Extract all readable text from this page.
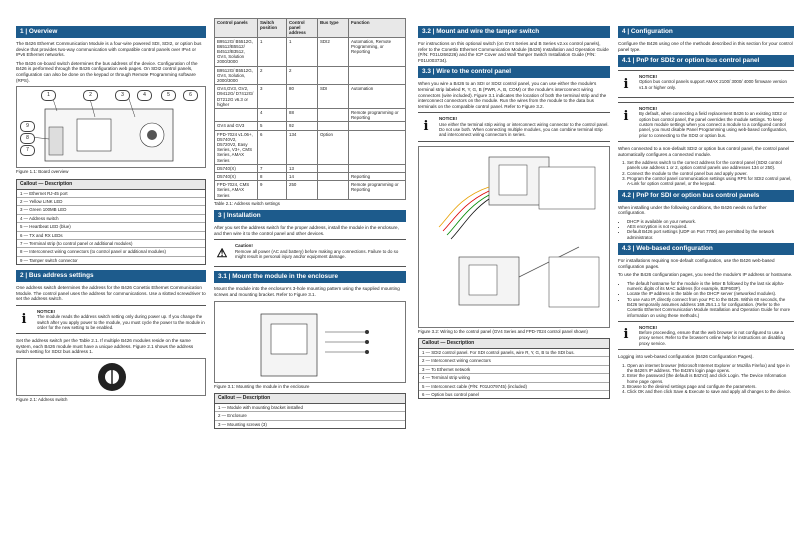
1 | Overview

The B426 Ethernet Communication Module is a four-wire powered SDI, SDI2, or option bus device that provides two-way communication with compatible control panels over IPv4 or IPv6 Ethernet networks.

The B426 on-board switch determines the bus address of the device. Configuration of the B426 is performed through the B426 configuration web pages. On SDI2 control panels, configuration can also be done on the keypad or through Remote Programming software (RPS).

1	2	3	4	5	6
7
8
9
Figure 1.1: Board overview
Callout — Description
1 — Ethernet RJ-45 port
2 — Yellow LINK LED
3 — Green 100MB LED
4 — Address switch
5 — Heartbeat LED (blue)
6 — TX and RX LEDs
7 — Terminal strip (to control panel or additional modules)
8 — Interconnect wiring connectors (to control panel or additional modules)
9 — Tamper switch connector
2 | Bus address settings

One address switch determines the address for the B426 Conettix Ethernet Communication Module. The control panel uses the address for communications. Use a slotted screwdriver to set the address switch.

i	NOTICE!
The module reads the address switch setting only during power up. If you change the switch after you apply power to the module, you must cycle the power to the module in order for the new setting to be enabled.

Set the address switch per the Table 2.1. If multiple B426 modules reside on the same system, each B426 module must have a unique address. Figure 2.1 shows the address switch setting for SDI2 bus address 1.

Figure 2.1: Address switch
Control panels	Switch position	Control panel address	Bus type	Function
B9512G/ B5512G, B6512/B5512/ B4512/B3512, GV4, Solution 2000/3000	1	1	SDI2	Automation, Remote Programming, or Reporting
B9512G/ B5512G, GV4, Solution, 2000/3000	2	2		
GV4,GV3, GV2, D9412G/ D7412G/ D7212G v6.3 or higher	3	80	SDI	Automation
	4	88		Remote programming or Reporting
GV4 and GV3	5	92		
FPD-7024 v1.06+, D5740V2, D5720V2, Easy Series, V3+, CMS Series, AMAX Series	6	134	Option	
D5740(X)	7	13		
D5740(X)	8	14		Reporting
FPD-7024, CMS Series, AMAX Series	9	250		Remote programming or Reporting
Table 2.1: Address switch settings
3 | Installation

After you set the address switch for the proper address, install the module in the enclosure, and then wire it to the control panel and other devices.

⚠
Caution!
Remove all power (AC and battery) before making any connections. Failure to do so might result in personal injury and/or equipment damage.
3.1 | Mount the module in the enclosure

Mount the module into the enclosure's 3-hole mounting pattern using the supplied mounting screws and mounting bracket. Refer to Figure 3.1.

Figure 3.1: Mounting the module in the enclosure
Callout — Description
1 — Module with mounting bracket installed
2 — Enclosure
3 — Mounting screws (3)
3.2 | Mount and wire the tamper switch

For instructions on this optional switch (on GV4 Series and B Series v2.xx control panels), refer to the Conettix Ethernet Communication Module (B426) Installation and Operation Guide (P/N: F01U266226) and the ICP Cover and Wall Tamper Switch Installation Guide (P/N: F01U003734).

3.3 | Wire to the control panel

When you wire a B426 to an SDI or SDI2 control panel, you can use either the module's terminal strip labeled R, Y, G, B (PWR, A, B, COM) or the module's interconnect wiring connectors (wire included). Figure 3.1 indicates the location of both the terminal strip and the interconnect connectors on the module. Run the wires from the module to the data bus terminals on the compatible control panel. Refer to Figure 3.2.

i	NOTICE!
Use either the terminal strip wiring or interconnect wiring connector to the control panel. Do not use both. When connecting multiple modules, you can combine terminal strip and interconnect wiring connectors in series.
Figure 3.2: Wiring to the control panel (GV4 Series and FPD-7024 control panel shown)
Callout — Description
1 — SDI2 control panel. For SDI control panels, wire R, Y, G, B to the SDI bus.
2 — Interconnect wiring connectors
3 — To Ethernet network
4 — Terminal strip wiring
5 — Interconnect cable (P/N: F01U079745) (included)
6 — Option bus control panel
4 | Configuration

Configure the B426 using one of the methods described in this section for your control panel type.

4.1 | PnP for SDI2 or option bus control panel
i	NOTICE!
Option bus control panels support AMAX 2100/ 3000/ 4000 firmware version v1.5 or higher only.
i	NOTICE!
By default, when connecting a field replacement B426 to an existing SDI2 or option bus control panel, the panel overrides the module settings. To keep custom module settings when you connect a module to a configured control panel, you must disable Panel Programming using web-based configuration, prior to connecting to the SDI2 or option bus.

When connected to a non-default SDI2 or option bus control panel, the control panel automatically configures a connected module.

1. Set the address switch to the correct address for the control panel (SDI2 control panels use address 1 or 2, option control panels use addresses 134 or 250).
2. Connect the module to the control panel bus and apply power.
3. Program the control panel communication settings using RPS for SDI2 control panel, A-Link for option control panel, or the keypad.
4.2 | PnP for SDI or option bus control panels

When installing under the following conditions, the B426 needs no further configuration.

• DHCP is available on your network.
• AES encryption is not required.
• Default B426 port settings (UDP on Port 7700) are permitted by the network administrator.
4.3 | Web-based configuration

For installations requiring non-default configuration, use the B426 web-based configuration pages.

To use the B426 configuration pages, you need the module's IP address or hostname.

• The default hostname for the module is the letter B followed by the last six alpha-numeric digits of its MAC address (for example, B3F603F).
• Locate the IP address in the table on the DHCP server (networked modules).
• To use Auto IP, directly connect from your PC to the B426. Within 60 seconds, the B426 temporarily assumes address 169.254.1.1 for configuration. (Refer to the Conettix Ethernet Communication Module Installation and Operation Guide for more information on using these methods.)
i	NOTICE!
Before proceeding, ensure that the web browser is not configured to use a proxy server. Refer to the browser's online help for instructions on disabling proxy service.

Logging into web-based configuration (B426 Configuration Pages).

1. Open an internet browser (Microsoft Internet Explorer or Mozilla Firefox) and type in the B426's IP address. The B426's login page opens.
2. Enter the password (the default is B42V2) and click Login. The Device Information home page opens.
3. Browse to the desired settings page and configure the parameters.
4. Click OK and then click Save & Execute to save and apply all changes to the device.
